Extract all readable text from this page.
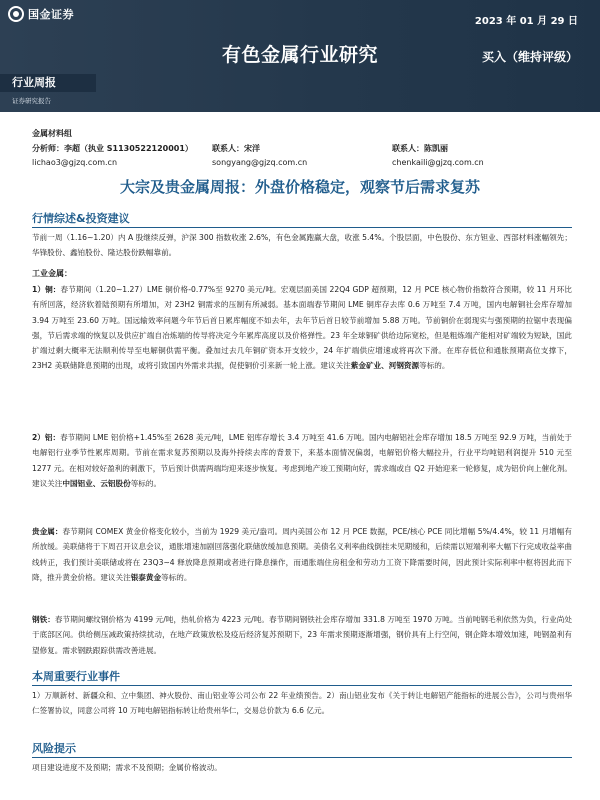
国金证券
2023 年 01 月 29 日
有色金属行业研究	买入（维持评级）
行业周报
证券研究报告
金属材料组
分析师：李超（执业 S1130522120001）
lichao3@gjzq.com.cn
联系人：宋洋
songyang@gjzq.com.cn
联系人：陈凯丽
chenkaili@gjzq.com.cn
大宗及贵金属周报：外盘价格稳定，观察节后需求复苏
行情综述&投资建议

节前一周（1.16~1.20）内 A 股继续反弹，沪深 300 指数收涨 2.6%，有色金属跑赢大盘，收涨 5.4%。个股层面，中色股份、东方钽业、西部材料涨幅领先；华锋股份、鑫铂股份、隆达股份跌幅靠前。

工业金属：

1）铜：春节期间（1.20~1.27）LME 铜价格-0.77%至 9270 美元/吨。宏观层面美国 22Q4 GDP 超预期，12 月 PCE 核心物价指数符合预期，较 11 月环比有所回落，经济软着陆预期有所增加，对 23H2 铜需求的压制有所减弱。基本面端春节期间 LME 铜库存去库 0.6 万吨至 7.4 万吨，国内电解铜社会库存增加 3.94 万吨至 23.60 万吨。国远输效率问题今年节后首日累库幅度不如去年，去年节后首日较节前增加 5.88 万吨。节前铜价在弱现实与强预期的拉锯中表现偏强，节后需求端的恢复以及供应扩端自冶炼端的传导将决定今年累库高度以及价格弹性。23 年全球铜矿供给边际宽松，但是粗炼端产能相对矿端较为短缺，国此扩端过剩大概率无法顺利传导至电解铜供需平衡。叠加过去几年铜矿资本开支较少，24 年扩端供应增速或将再次下滑。在库存低位和通胀预期高位支撑下，23H2 美联储降息预期的出现，或将引致国内外需求共振，促使铜价引来新一轮上涨。建议关注紫金矿业、河钢资源等标的。

2）铝：春节期间 LME 铝价格+1.45%至 2628 美元/吨，LME 铝库存增长 3.4 万吨至 41.6 万吨。国内电解铝社会库存增加 18.5 万吨至 92.9 万吨，当前处于电解铝行业季节性累库周期。节前在需求复苏预期以及海外持续去库的背景下，来基本面情况偏弱，电解铝价格大幅拉升，行业平均吨铝利润提升 510 元至 1277 元。在相对较好盈利的刺激下，节后预计供需两端均迎来逐步恢复。考虑到地产竣工预期向好，需求端或自 Q2 开始迎来一轮修复，成为铝价向上催化剂。建议关注中国铝业、云铝股份等标的。

贵金属：春节期间 COMEX 黄金价格变化较小，当前为 1929 美元/盎司。周内美国公布 12 月 PCE 数据，PCE/核心 PCE 同比增幅 5%/4.4%，较 11 月增幅有所放缓。美联储将于下周召开议息会议，通胀增速加剧回落强化联储放缓加息预期。美债名义利率曲线倒挂未见期缓和，后续需以短端利率大幅下行完成收益率曲线转正，我们预计美联储或将在 23Q3~4 释放降息预期或者进行降息操作，而通胀端住房租金和劳动力工资下降需要时间，因此预计实际利率中枢将因此而下降，推升黄金价格。建议关注银泰黄金等标的。

钢铁：春节期间螺纹钢价格为 4199 元/吨，热轧价格为 4223 元/吨。春节期间钢铁社会库存增加 331.8 万吨至 1970 万吨。当前吨钢毛利依然为负，行业尚处于底部区间。供给侧压减政策持续扰动，在地产政策放松及疫后经济复苏预期下，23 年需求预期逐渐增强，钢价具有上行空间，钢企降本增效加速，吨钢盈利有望修复。需求钢跌跟踪供需改善进展。

本周重要行业事件

1）万顺新材、新疆众和、立中集团、神火股份、南山铝业等公司公布 22 年业绩预告。2）南山铝业发布《关于转让电解铝产能指标的进展公告》，公司与贵州华仁签署协议，同意公司将 10 万吨电解铝指标转让给贵州华仁，交易总价款为 6.6 亿元。

风险提示

项目建设进度不及预期；需求不及预期；金属价格波动。
